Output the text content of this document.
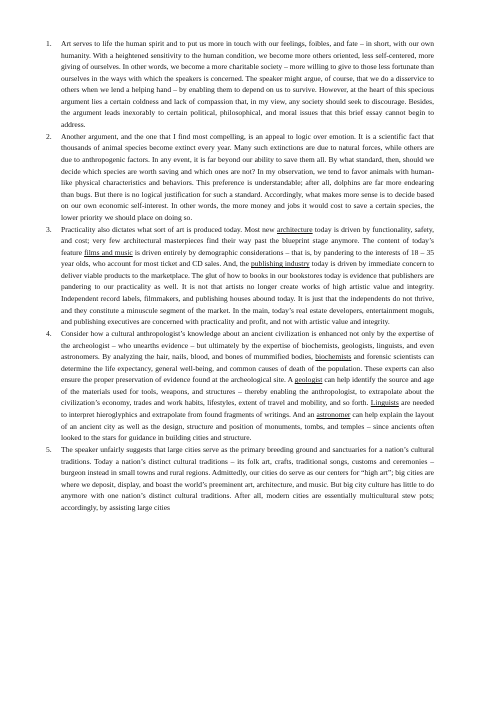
1.	Art serves to life the human spirit and to put us more in touch with our feelings, foibles, and fate – in short, with our own humanity. With a heightened sensitivity to the human condition, we become more others oriented, less self-centered, more giving of ourselves. In other words, we become a more charitable society – more willing to give to those less fortunate than ourselves in the ways with which the speakers is concerned. The speaker might argue, of course, that we do a disservice to others when we lend a helping hand – by enabling them to depend on us to survive. However, at the heart of this specious argument lies a certain coldness and lack of compassion that, in my view, any society should seek to discourage. Besides, the argument leads inexorably to certain political, philosophical, and moral issues that this brief essay cannot begin to address.
2.	Another argument, and the one that I find most compelling, is an appeal to logic over emotion. It is a scientific fact that thousands of animal species become extinct every year. Many such extinctions are due to natural forces, while others are due to anthropogenic factors. In any event, it is far beyond our ability to save them all. By what standard, then, should we decide which species are worth saving and which ones are not? In my observation, we tend to favor animals with human-like physical characteristics and behaviors. This preference is understandable; after all, dolphins are far more endearing than bugs. But there is no logical justification for such a standard. Accordingly, what makes more sense is to decide based on our own economic self-interest. In other words, the more money and jobs it would cost to save a certain species, the lower priority we should place on doing so.
3.	Practicality also dictates what sort of art is produced today. Most new architecture today is driven by functionality, safety, and cost; very few architectural masterpieces find their way past the blueprint stage anymore. The content of today’s feature films and music is driven entirely by demographic considerations – that is, by pandering to the interests of 18 – 35 year olds, who account for most ticket and CD sales. And, the publishing industry today is driven by immediate concern to deliver viable products to the marketplace. The glut of how to books in our bookstores today is evidence that publishers are pandering to our practicality as well. It is not that artists no longer create works of high artistic value and integrity. Independent record labels, filmmakers, and publishing houses abound today. It is just that the independents do not thrive, and they constitute a minuscule segment of the market. In the main, today’s real estate developers, entertainment moguls, and publishing executives are concerned with practicality and profit, and not with artistic value and integrity.
4.	Consider how a cultural anthropologist’s knowledge about an ancient civilization is enhanced not only by the expertise of the archeologist – who unearths evidence – but ultimately by the expertise of biochemists, geologists, linguists, and even astronomers. By analyzing the hair, nails, blood, and bones of mummified bodies, biochemists and forensic scientists can determine the life expectancy, general well-being, and common causes of death of the population. These experts can also ensure the proper preservation of evidence found at the archeological site. A geologist can help identify the source and age of the materials used for tools, weapons, and structures – thereby enabling the anthropologist, to extrapolate about the civilization’s economy, trades and work habits, lifestyles, extent of travel and mobility, and so forth. Linguists are needed to interpret hieroglyphics and extrapolate from found fragments of writings. And an astronomer can help explain the layout of an ancient city as well as the design, structure and position of monuments, tombs, and temples – since ancients often looked to the stars for guidance in building cities and structure.
5.	The speaker unfairly suggests that large cities serve as the primary breeding ground and sanctuaries for a nation’s cultural traditions. Today a nation’s distinct cultural traditions – its folk art, crafts, traditional songs, customs and ceremonies – burgeon instead in small towns and rural regions. Admittedly, our cities do serve as our centers for “high art”; big cities are where we deposit, display, and boast the world’s preeminent art, architecture, and music. But big city culture has little to do anymore with one nation’s distinct cultural traditions. After all, modern cities are essentially multicultural stew pots; accordingly, by assisting large cities
